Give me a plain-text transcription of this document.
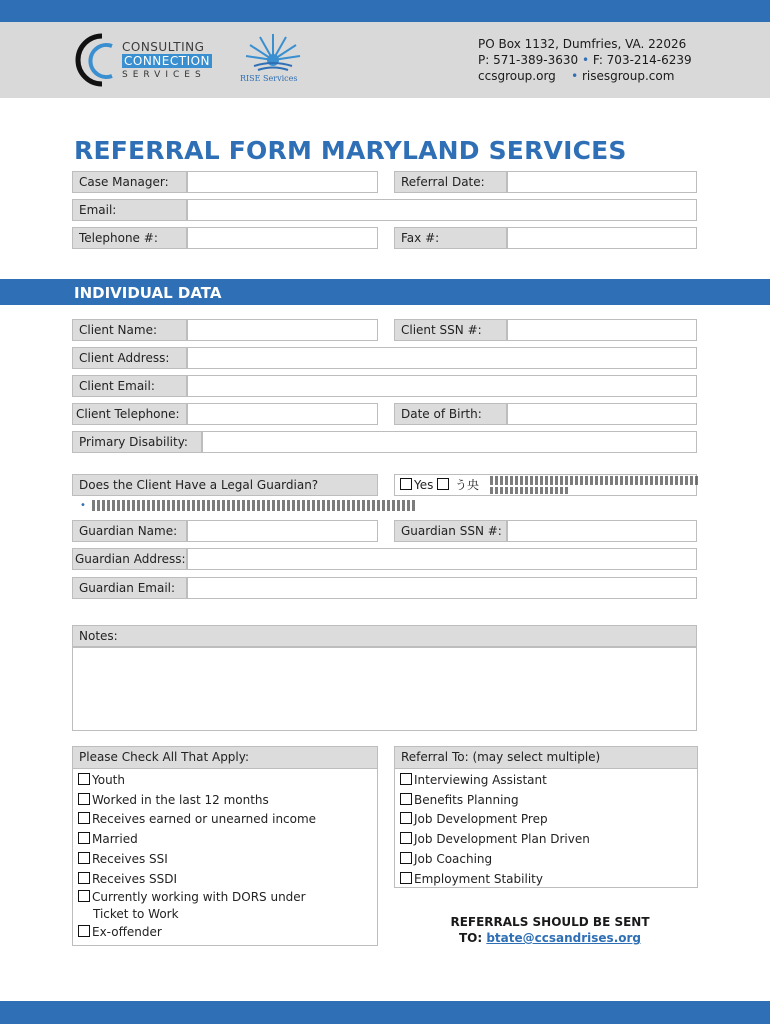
CONSULTING
CONNECTION
SERVICES	RISE Services
PO Box 1132, Dumfries, VA. 22026
P: 571-389-3630 • F: 703-214-6239
ccsgroup.org    • risesgroup.com
REFERRAL FORM MARYLAND SERVICES
Case Manager:	Referral Date:
Email:
Telephone #:	Fax #:
INDIVIDUAL DATA
Client Name:	Client SSN #:
Client Address:
Client Email:
Client Telephone:	Date of Birth:
Primary Disability:
Does the Client Have a Legal Guardian?	Yes う央
•
Guardian Name:	Guardian SSN #:
Guardian Address:
Guardian Email:
Notes:
Please Check All That Apply:
Youth
Worked in the last 12 months
Receives earned or unearned income
Married
Receives SSI
Receives SSDI
Currently working with DORS under Ticket to Work
Ex-offender
Referral To: (may select multiple)
Interviewing Assistant
Benefits Planning
Job Development Prep
Job Development Plan Driven
Job Coaching
Employment Stability
REFERRALS SHOULD BE SENT
TO: btate@ccsandrises.org
